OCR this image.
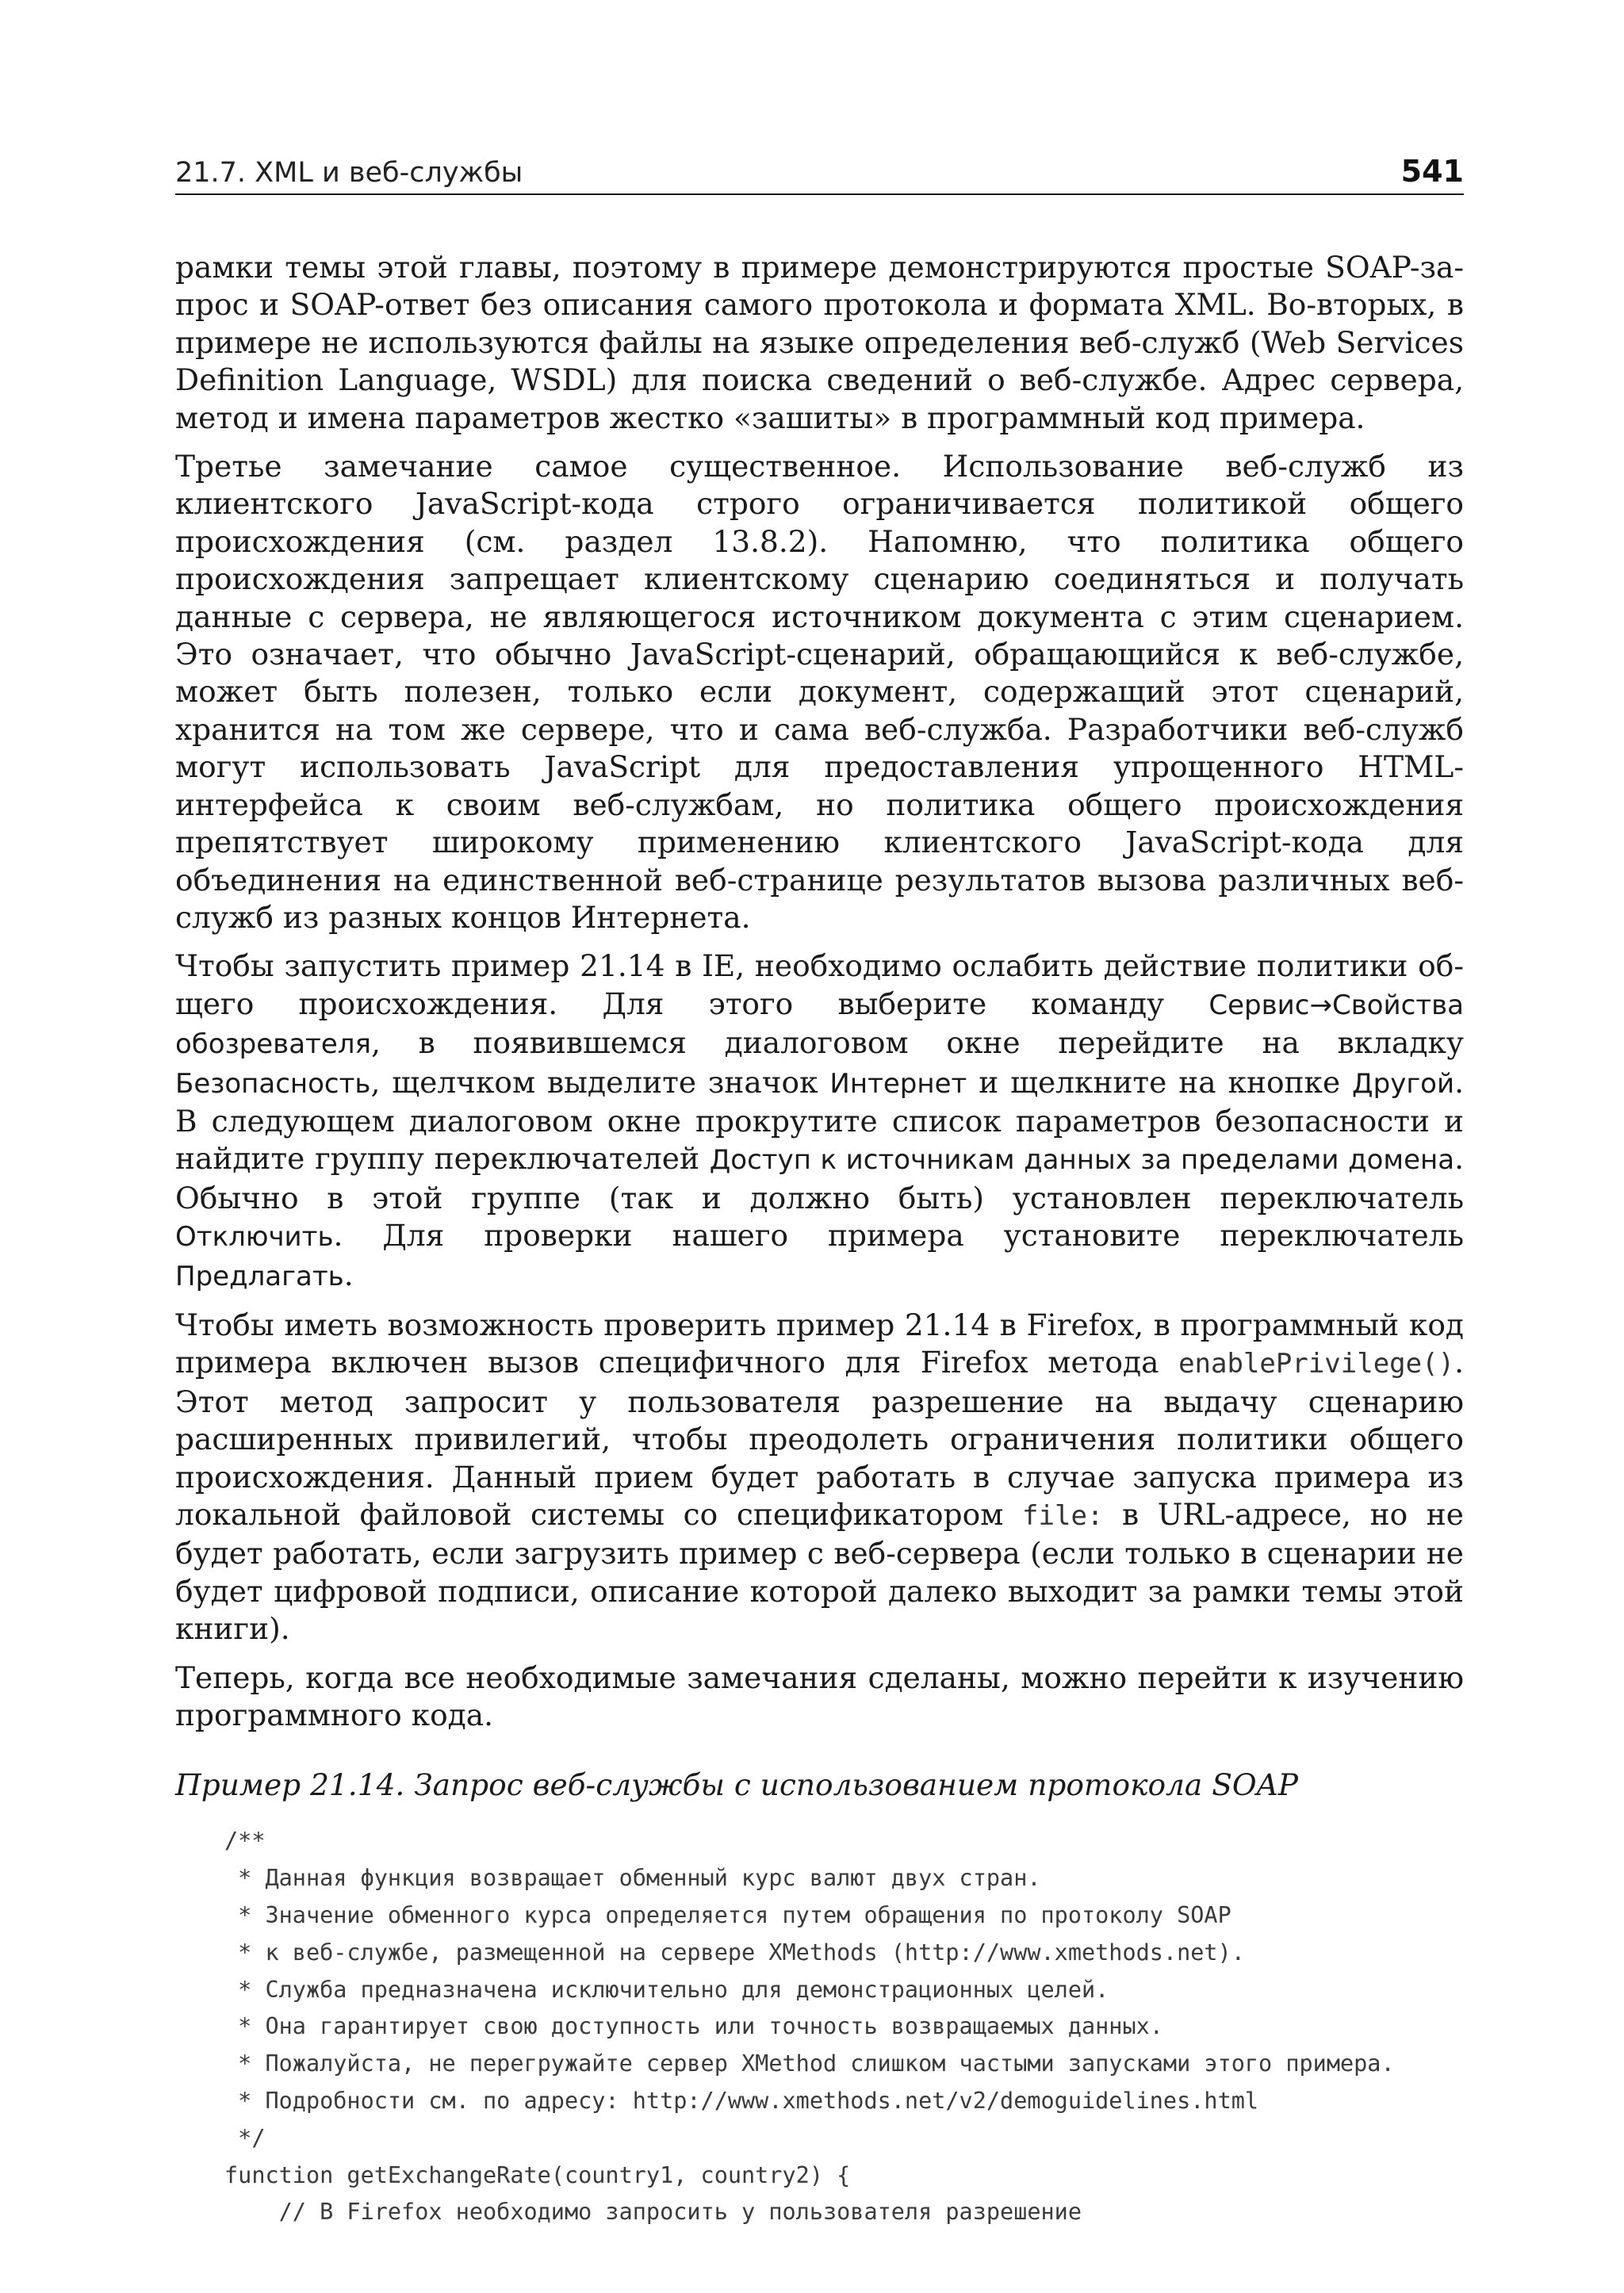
21.7. XML и веб-службы	541

рамки темы этой главы, поэтому в примере демонстрируются простые SOAP-запрос и SOAP-ответ без описания самого протокола и формата XML. Во-вторых, в примере не используются файлы на языке определения веб-служб (Web Services Definition Language, WSDL) для поиска сведений о веб-службе. Адрес сервера, метод и имена параметров жестко «зашиты» в программный код примера.

Третье замечание самое существенное. Использование веб-служб из клиентского JavaScript-кода строго ограничивается политикой общего происхождения (см. раздел 13.8.2). Напомню, что политика общего происхождения запрещает клиентскому сценарию соединяться и получать данные с сервера, не являющегося источником документа с этим сценарием. Это означает, что обычно JavaScript-сценарий, обращающийся к веб-службе, может быть полезен, только если документ, содержащий этот сценарий, хранится на том же сервере, что и сама веб-служба. Разработчики веб-служб могут использовать JavaScript для предоставления упрощенного HTML-интерфейса к своим веб-службам, но политика общего происхождения препятствует широкому применению клиентского JavaScript-кода для объединения на единственной веб-странице результатов вызова различных веб-служб из разных концов Интернета.

Чтобы запустить пример 21.14 в IE, необходимо ослабить действие политики общего происхождения. Для этого выберите команду Сервис→Свойства обозревателя, в появившемся диалоговом окне перейдите на вкладку Безопасность, щелчком выделите значок Интернет и щелкните на кнопке Другой. В следующем диалоговом окне прокрутите список параметров безопасности и найдите группу переключателей Доступ к источникам данных за пределами домена. Обычно в этой группе (так и должно быть) установлен переключатель Отключить. Для проверки нашего примера установите переключатель Предлагать.

Чтобы иметь возможность проверить пример 21.14 в Firefox, в программный код примера включен вызов специфичного для Firefox метода enablePrivilege(). Этот метод запросит у пользователя разрешение на выдачу сценарию расширенных привилегий, чтобы преодолеть ограничения политики общего происхождения. Данный прием будет работать в случае запуска примера из локальной файловой системы со спецификатором file: в URL-адресе, но не будет работать, если загрузить пример с веб-сервера (если только в сценарии не будет цифровой подписи, описание которой далеко выходит за рамки темы этой книги).

Теперь, когда все необходимые замечания сделаны, можно перейти к изучению программного кода.

Пример 21.14. Запрос веб-службы с использованием протокола SOAP
/**
* Данная функция возвращает обменный курс валют двух стран.
* Значение обменного курса определяется путем обращения по протоколу SOAP
* к веб-службе, размещенной на сервере XMethods (http://www.xmethods.net).
* Служба предназначена исключительно для демонстрационных целей.
* Она гарантирует свою доступность или точность возвращаемых данных.
* Пожалуйста, не перегружайте сервер XMethod слишком частыми запусками этого примера.
* Подробности см. по адресу: http://www.xmethods.net/v2/demoguidelines.html
*/
function getExchangeRate(country1, country2) {
// В Firefox необходимо запросить у пользователя разрешение
